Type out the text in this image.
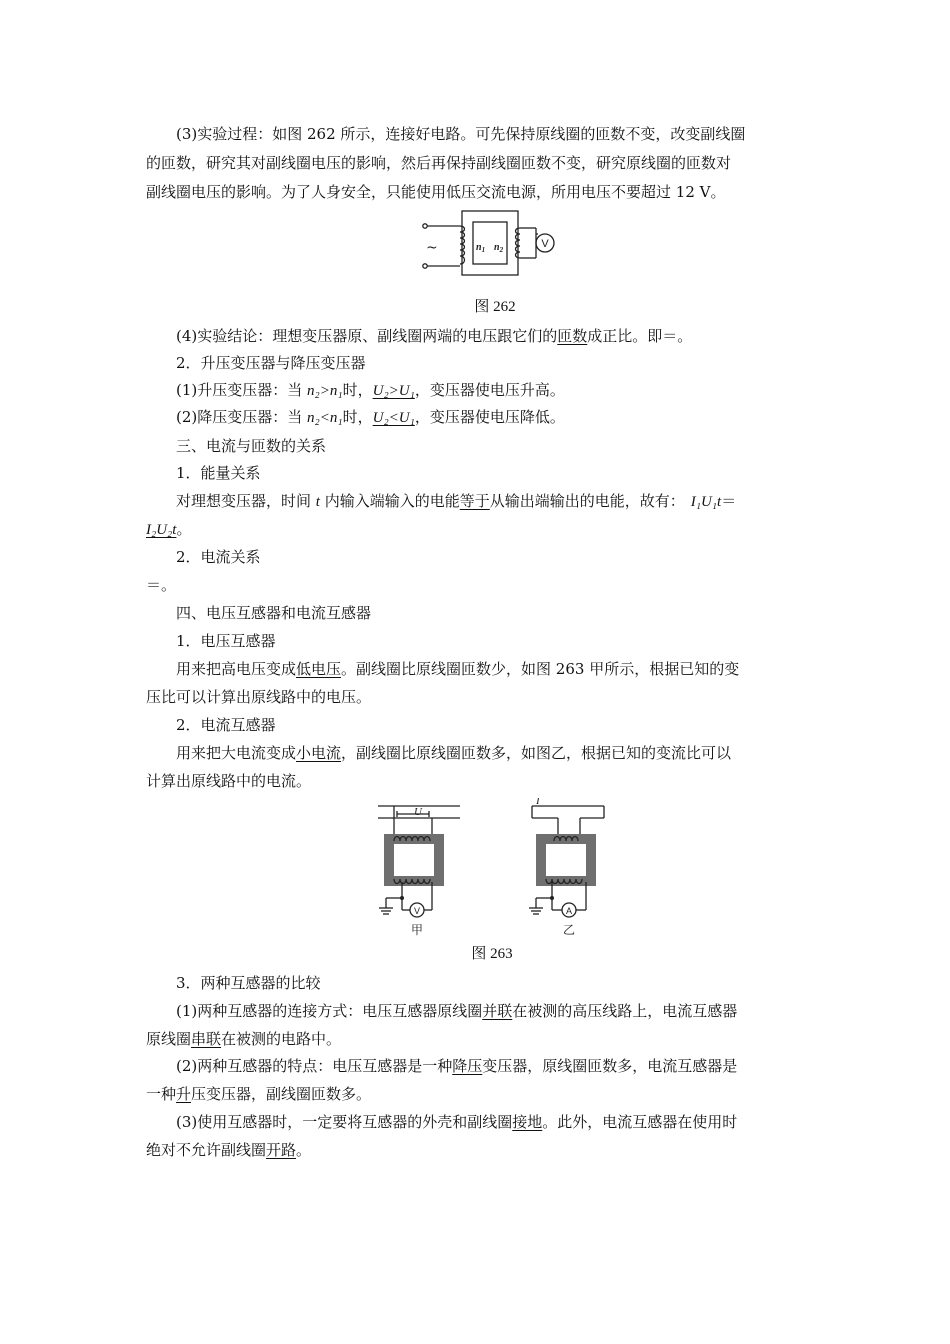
(3)实验过程：如图 262 所示，连接好电路。可先保持原线圈的匝数不变，改变副线圈
的匝数，研究其对副线圈电压的影响，然后再保持副线圈匝数不变，研究原线圈的匝数对
副线圈电压的影响。为了人身安全，只能使用低压交流电源，所用电压不要超过 12 V。
~	$n_1$ $n_2$	V
图 262
(4)实验结论：理想变压器原、副线圈两端的电压跟它们的匝数成正比。即＝。
2．升压变压器与降压变压器
(1)升压变压器：当 n₂>n₁时，U₂>U₁，变压器使电压升高。
(2)降压变压器：当 n₂<n₁时，U₂<U₁，变压器使电压降低。
三、电流与匝数的关系
1．能量关系
对理想变压器，时间 t 内输入端输入的电能等于从输出端输出的电能，故有： I₁U₁t＝
I₂U₂t。
2．电流关系
＝。
四、电压互感器和电流互感器
1．电压互感器
用来把高电压变成低电压。副线圈比原线圈匝数少，如图 263 甲所示，根据已知的变
压比可以计算出原线路中的电压。
2．电流互感器
用来把大电流变成小电流，副线圈比原线圈匝数多，如图乙，根据已知的变流比可以
计算出原线路中的电流。
U
V
甲
I
A
乙
图 263
3．两种互感器的比较
(1)两种互感器的连接方式：电压互感器原线圈并联在被测的高压线路上，电流互感器
原线圈串联在被测的电路中。
(2)两种互感器的特点：电压互感器是一种降压变压器，原线圈匝数多，电流互感器是
一种升压变压器，副线圈匝数多。
(3)使用互感器时，一定要将互感器的外壳和副线圈接地。此外，电流互感器在使用时
绝对不允许副线圈开路。
